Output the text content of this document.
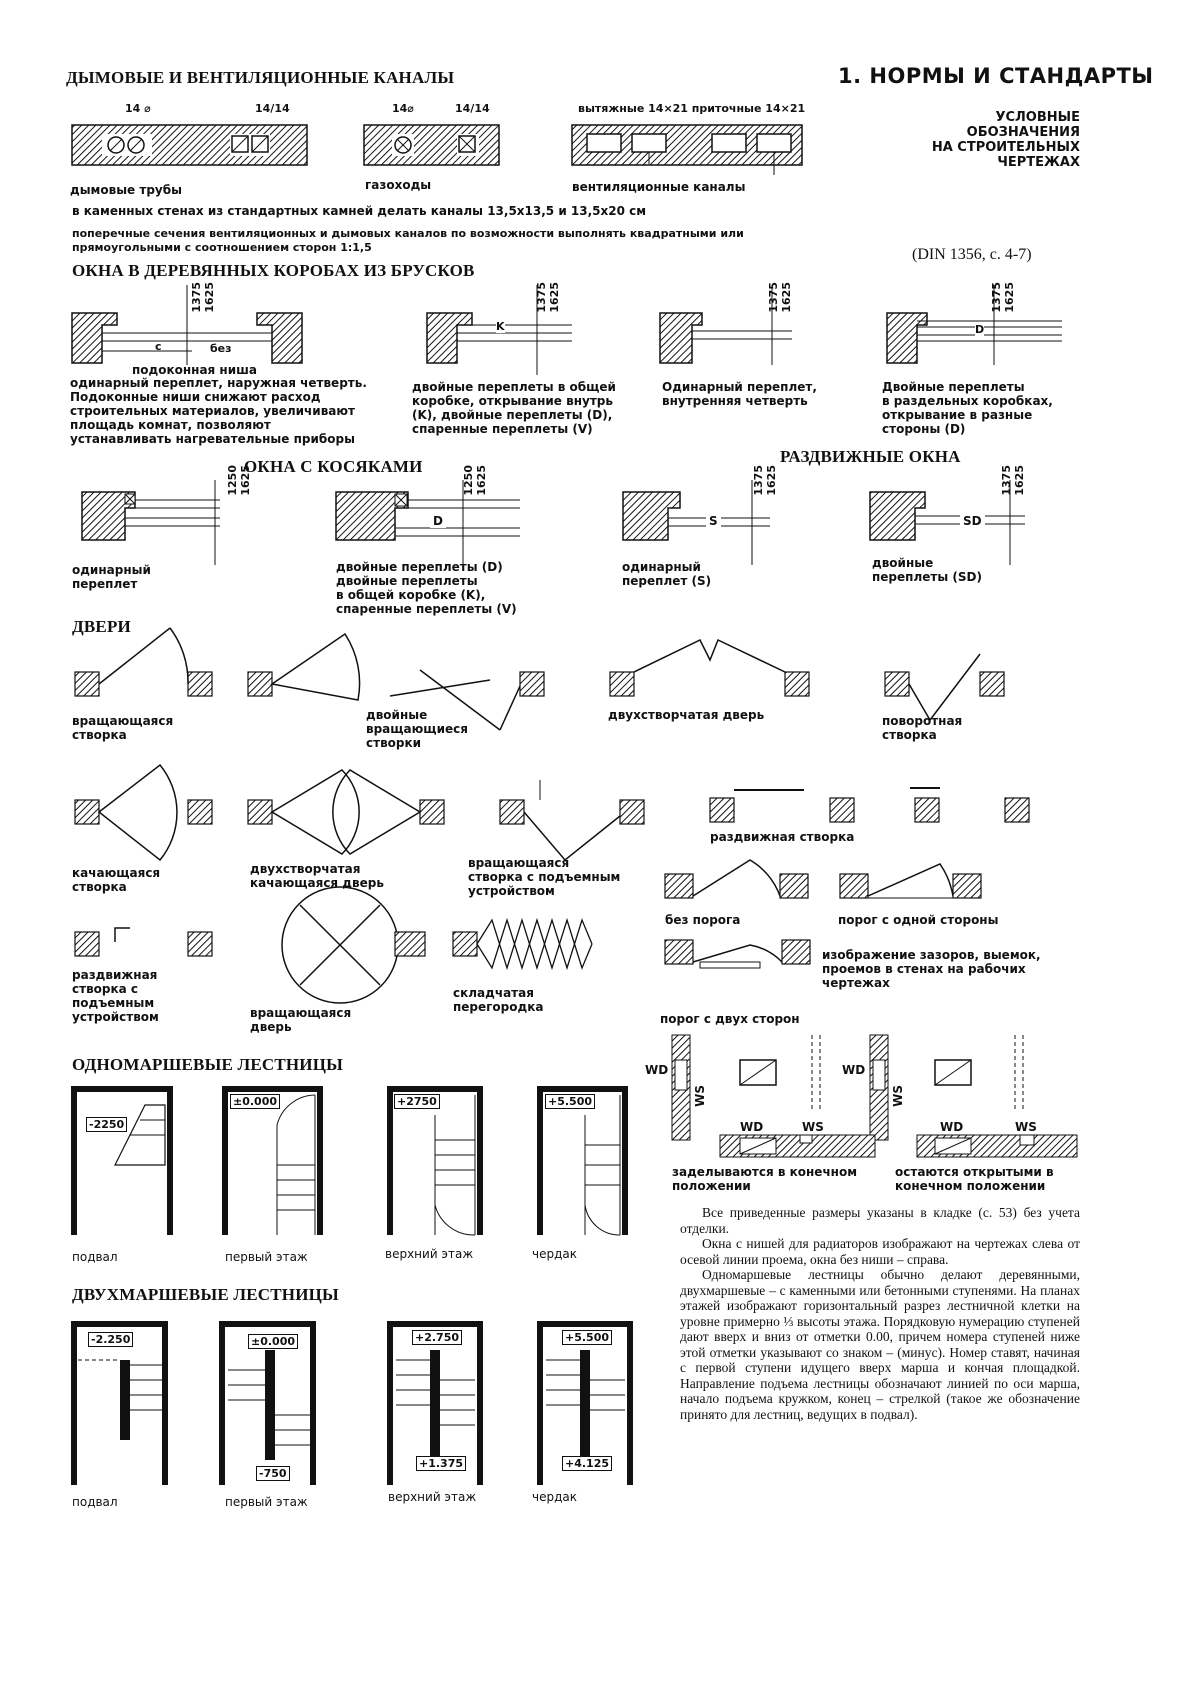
ДЫМОВЫЕ И ВЕНТИЛЯЦИОННЫЕ КАНАЛЫ	1. НОРМЫ И СТАНДАРТЫ
УСЛОВНЫЕ
ОБОЗНАЧЕНИЯ
НА СТРОИТЕЛЬНЫХ
ЧЕРТЕЖАХ
14 ⌀	14/14	14⌀	14/14	вытяжные 14×21 приточные 14×21
дымовые трубы	газоходы	вентиляционные каналы
в каменных стенах из стандартных камней делать каналы 13,5х13,5 и 13,5х20 см
поперечные сечения вентиляционных и дымовых каналов по возможности выполнять квадратными или
прямоугольными с соотношением сторон 1:1,5	(DIN 1356, с. 4-7)
ОКНА В ДЕРЕВЯННЫХ КОРОБАХ ИЗ БРУСКОВ
1375 1625	1375 1625	1375 1625	1375 1625
с	без
K	D
подоконная ниша
одинарный переплет, наружная четверть.
Подоконные ниши снижают расход
строительных материалов, увеличивают
площадь комнат, позволяют
устанавливать нагревательные приборы
двойные переплеты в общей
коробке, открывание внутрь
(K), двойные переплеты (D),
спаренные переплеты (V)
Одинарный переплет,
внутренняя четверть
Двойные переплеты
в раздельных коробках,
открывание в разные
стороны (D)
ОКНА С КОСЯКАМИ
РАЗДВИЖНЫЕ ОКНА
1250 1625	1250 1625	1375 1625	1375 1625
D	S	SD
одинарный
переплет
двойные переплеты (D)
двойные переплеты
в общей коробке (K),
спаренные переплеты (V)
одинарный
переплет (S)
двойные
переплеты (SD)
ДВЕРИ
вращающаяся
створка
двойные
вращающиеся
створки
двухстворчатая дверь	поворотная
створка
качающаяся
створка
двухстворчатая
качающаяся дверь
вращающаяся
створка с подъемным
устройством
раздвижная створка
без порога	порог с одной стороны
раздвижная
створка с
подъемным
устройством	вращающаяся
дверь
складчатая
перегородка
изображение зазоров, выемок,
проемов в стенах на рабочих
чертежах
порог с двух сторон
WD
WS
WD
WS
WD	WS	WD	WS
заделываются в конечном
положении
остаются открытыми в
конечном положении
ОДНОМАРШЕВЫЕ ЛЕСТНИЦЫ
-2250
±0.000	+2750	+5.500
подвал	первый этаж	верхний этаж	чердак
ДВУХМАРШЕВЫЕ ЛЕСТНИЦЫ
-2.250	±0.000
-750
+2.750
+1.375
+5.500
+4.125
подвал	первый этаж	верхний этаж	чердак

Все приведенные размеры указаны в кладке (с. 53) без учета отделки.

Окна с нишей для радиаторов изображают на чертежах слева от осевой линии проема, окна без ниши – справа.

Одномаршевые лестницы обычно делают деревянными, двухмаршевые – с каменными или бетонными ступенями. На планах этажей изображают горизонтальный разрез лестничной клетки на уровне примерно ⅓ высоты этажа. Порядковую нумерацию ступеней дают вверх и вниз от отметки 0.00, причем номера ступеней ниже этой отметки указывают со знаком – (минус). Номер ставят, начиная с первой ступени идущего вверх марша и кончая площадкой. Направление подъема лестницы обозначают линией по оси марша, начало подъема кружком, конец – стрелкой (такое же обозначение принято для лестниц, ведущих в подвал).
